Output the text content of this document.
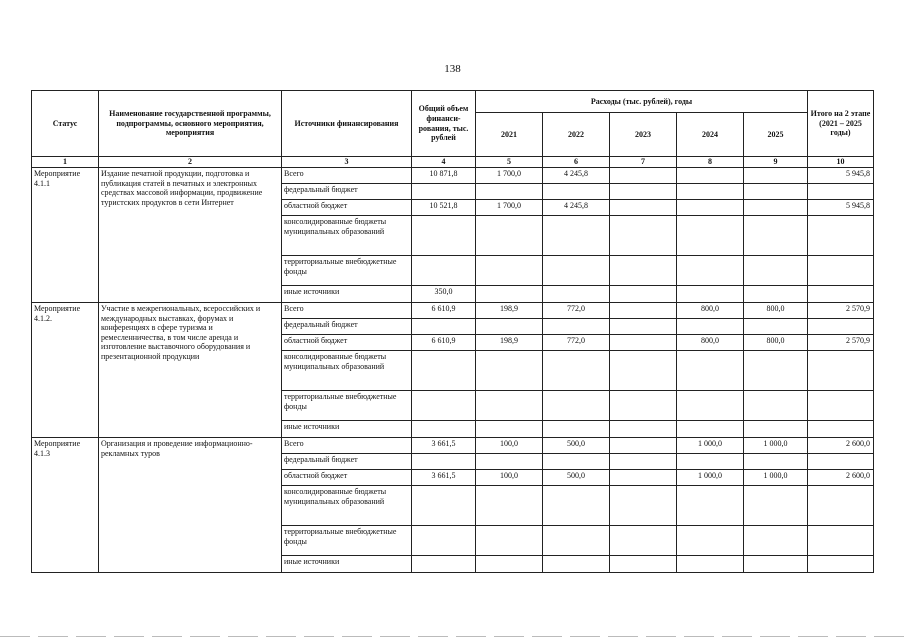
138
Статус	Наименование государственной программы, подпрограммы, основного мероприятия, мероприятия	Источники финансирования	Общий объем финанси-рования, тыс. рублей	Расходы (тыс. рублей), годы					Итого на 2 этапе (2021 – 2025 годы)
				2021	2022	2023	2024	2025	
1	2	3	4	5	6	7	8	9	10
Мероприятие 4.1.1	Издание печатной продукции, подготовка и публикация статей в печатных и электронных средствах массовой информации, продвижение туристских продуктов в сети Интернет	Всего	10 871,8	1 700,0	4 245,8				5 945,8
		федеральный бюджет							
		областной бюджет	10 521,8	1 700,0	4 245,8				5 945,8
		консолидированные бюджеты муниципальных образований							
		территориальные внебюджетные фонды							
		иные источники	350,0						
Мероприятие 4.1.2.	Участие в межрегиональных, всероссийских и международных выставках, форумах и конференциях в сфере туризма и ремесленничества, в том числе аренда и изготовление выставочного оборудования и презентационной продукции	Всего	6 610,9	198,9	772,0		800,0	800,0	2 570,9
		федеральный бюджет							
		областной бюджет	6 610,9	198,9	772,0		800,0	800,0	2 570,9
		консолидированные бюджеты муниципальных образований							
		территориальные внебюджетные фонды							
		иные источники							
Мероприятие 4.1.3	Организация и проведение информационно-рекламных туров	Всего	3 661,5	100,0	500,0		1 000,0	1 000,0	2 600,0
		федеральный бюджет							
		областной бюджет	3 661,5	100,0	500,0		1 000,0	1 000,0	2 600,0
		консолидированные бюджеты муниципальных образований							
		территориальные внебюджетные фонды							
		иные источники							
